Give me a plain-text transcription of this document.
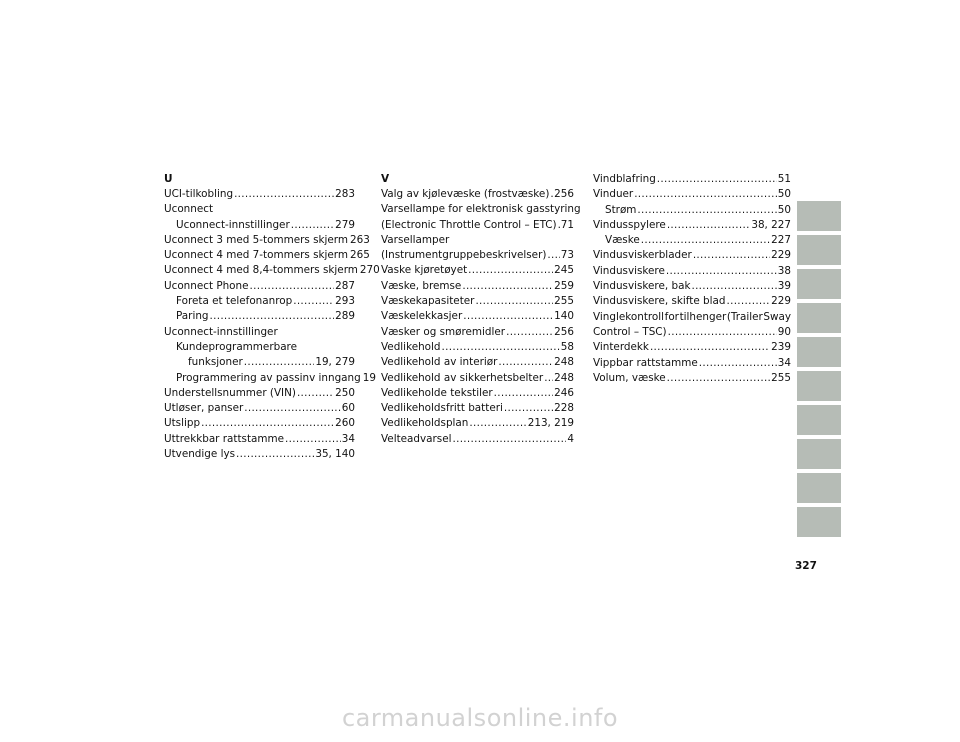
U
UCI-tilkobling .....	283
Uconnect
Uconnect-innstillinger .....	279
Uconnect 3 med 5-tommers skjerm 263
Uconnect 4 med 7-tommers skjerm 265
Uconnect 4 med 8,4-tommers skjerm 270
Uconnect Phone .....	287
Foreta et telefonanrop .....	293
Paring .....	289
Uconnect-innstillinger
Kundeprogrammerbare
funksjoner .....	19, 279
Programmering av passinv inngang 19
Understellsnummer (VIN) .....	250
Utløser, panser .....	60
Utslipp .....	260
Uttrekkbar rattstamme .....	34
Utvendige lys .....	35, 140
V
Valg av kjølevæske (frostvæske) ..... 256
Varsellampe for elektronisk gasstyring
(Electronic Throttle Control – ETC) ..... 71
Varsellamper
(Instrumentgruppebeskrivelser) ..... 73
Vaske kjøretøyet .....	245
Væske, bremse .....	259
Væskekapasiteter .....	255
Væskelekkasjer .....	140
Væsker og smøremidler .....	256
Vedlikehold .....	58
Vedlikehold av interiør .....	248
Vedlikehold av sikkerhetsbelter ..... 248
Vedlikeholde tekstiler .....	246
Vedlikeholdsfritt batteri .....	228
Vedlikeholdsplan .....	213, 219
Velteadvarsel .....	4
Vindblafring .....	51
Vinduer .....	50
Strøm .....	50
Vindusspylere .....	38, 227
Væske .....	227
Vindusviskerblader .....	229
Vindusviskere .....	38
Vindusviskere, bak .....	39
Vindusviskere, skifte blad .....	229
Vinglekontroll for tilhenger (Trailer Sway
Control – TSC) .....	90
Vinterdekk .....	239
Vippbar rattstamme .....	34
Volum, væske .....	255
327
carmanualsonline.info
